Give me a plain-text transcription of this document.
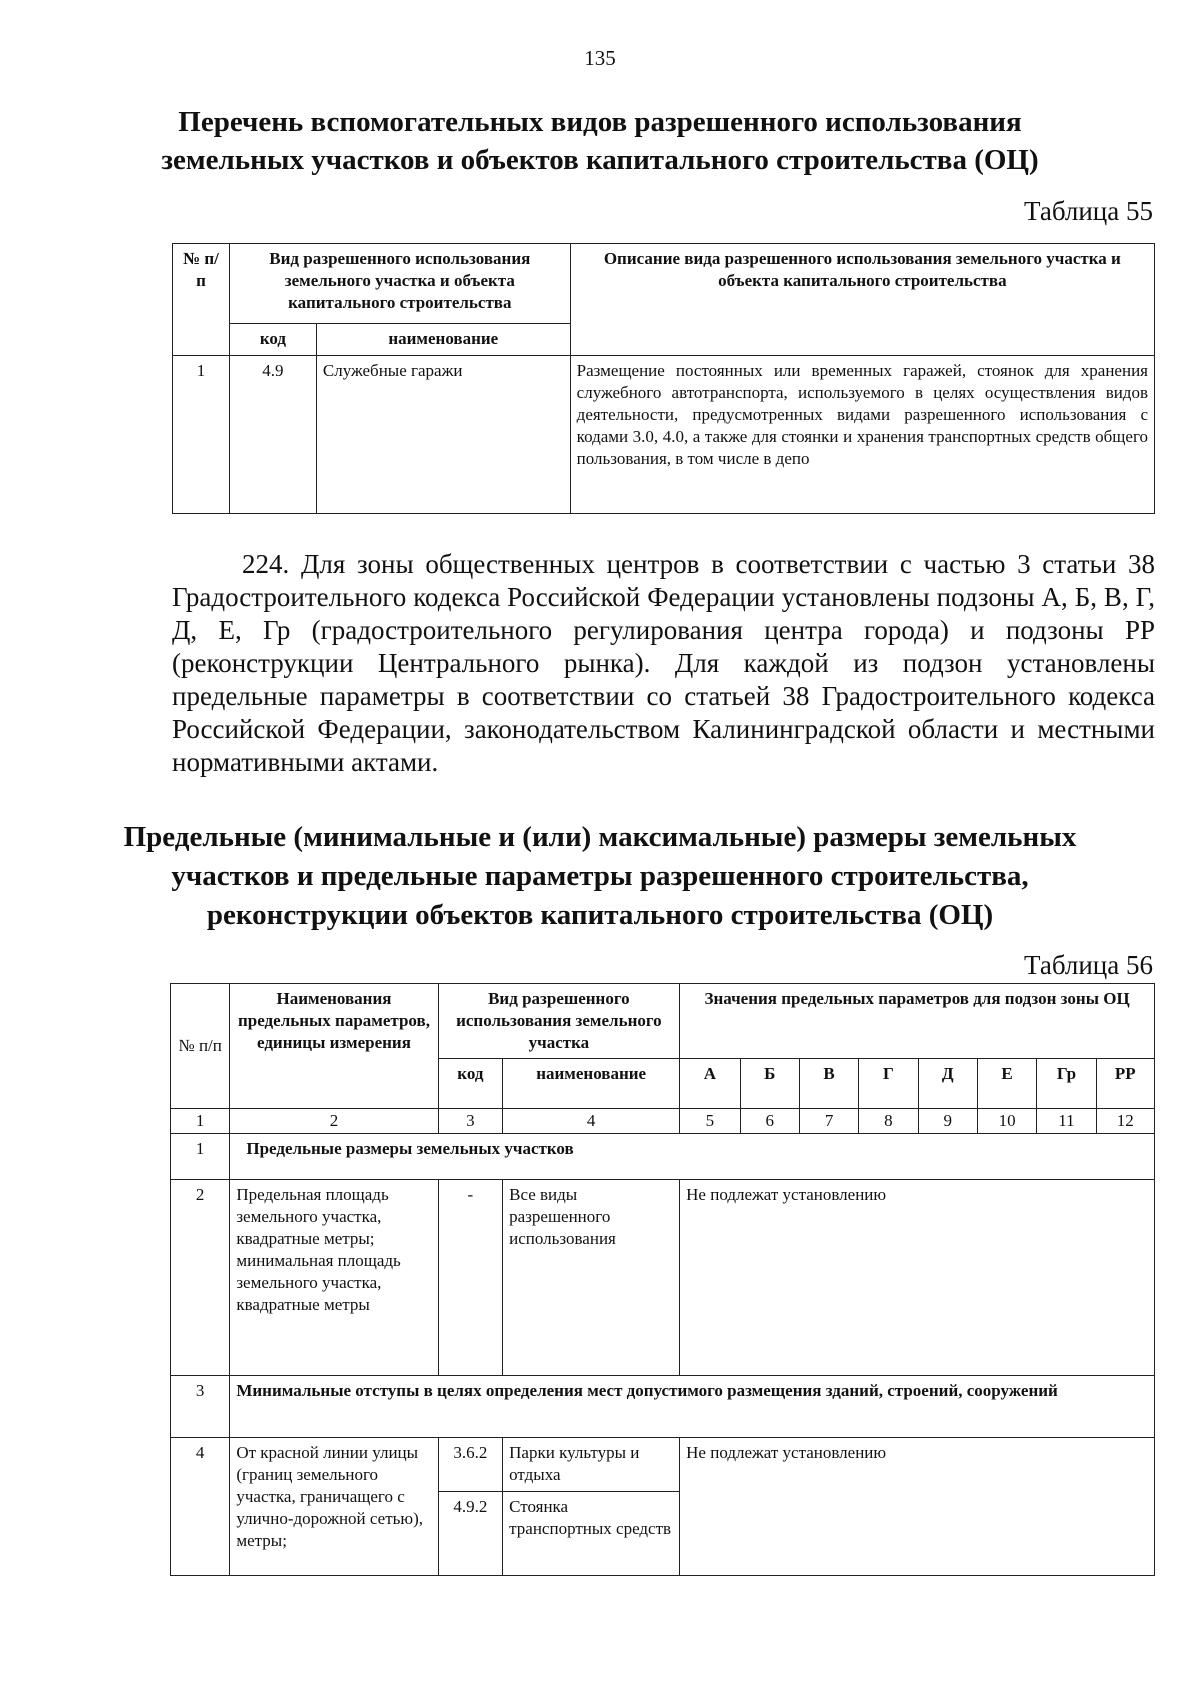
135
Перечень вспомогательных видов разрешенного использования
земельных участков и объектов капитального строительства (ОЦ)
Таблица 55
№ п/п	Вид разрешенного использования земельного участка и объекта капитального строительства		Описание вида разрешенного использования земельного участка и объекта капитального строительства
	код	наименование	
1	4.9	Служебные гаражи	Размещение постоянных или временных гаражей, стоянок для хранения служебного автотранспорта, используемого в целях осуществления видов деятельности, предусмотренных видами разрешенного использования с кодами 3.0, 4.0, а также для стоянки и хранения транспортных средств общего пользования, в том числе в депо

224. Для зоны общественных центров в соответствии с частью 3 статьи 38 Градостроительного кодекса Российской Федерации установлены подзоны А, Б, В, Г, Д, Е, Гр (градостроительного регулирования центра города) и подзоны РР (реконструкции Центрального рынка). Для каждой из подзон установлены предельные параметры в соответствии со статьей 38 Градостроительного кодекса Российской Федерации, законодательством Калининградской области и местными нормативными актами.

Предельные (минимальные и (или) максимальные) размеры земельных
участков и предельные параметры разрешенного строительства,
реконструкции объектов капитального строительства (ОЦ)
Таблица 56
№ п/п	Наименования предельных параметров, единицы измерения	Вид разрешенного использования земельного участка		Значения предельных параметров для подзон зоны ОЦ							
		код	наименование	А	Б	В	Г	Д	Е	Гр	РР
1	2	3	4	5	6	7	8	9	10	11	12
1	Предельные размеры земельных участков										
2	Предельная площадь земельного участка, квадратные метры; минимальная площадь земельного участка, квадратные метры	-	Все виды разрешенного использования	Не подлежат установлению							
3	Минимальные отступы в целях определения мест допустимого размещения зданий, строений, сооружений										
4	От красной линии улицы (границ земельного участка, граничащего с улично-дорожной сетью), метры;	3.6.2	Парки культуры и отдыха	Не подлежат установлению							
		4.9.2	Стоянка транспортных средств								
